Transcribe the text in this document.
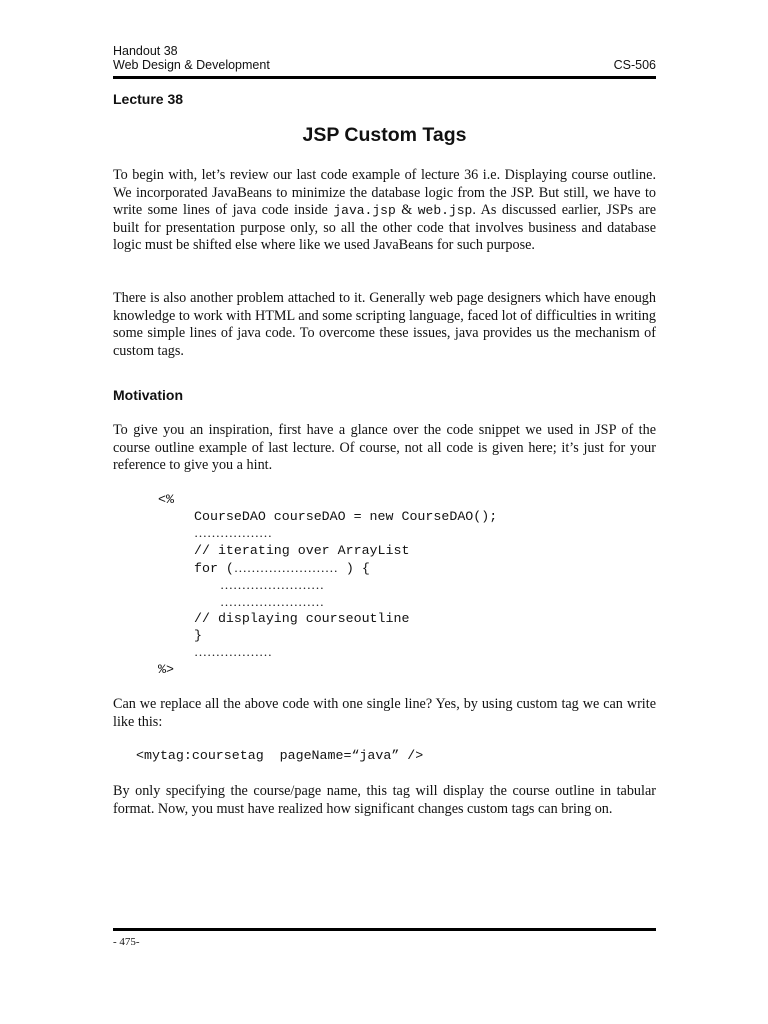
Handout 38
Web Design & Development	CS-506
Lecture 38
JSP Custom Tags

To begin with, let’s review our last code example of lecture 36 i.e. Displaying course outline. We incorporated JavaBeans to minimize the database logic from the JSP. But still, we have to write some lines of java code inside java.jsp & web.jsp. As discussed earlier, JSPs are built for presentation purpose only, so all the other code that involves business and database logic must be shifted else where like we used JavaBeans for such purpose.

There is also another problem attached to it. Generally web page designers which have enough knowledge to work with HTML and some scripting language, faced lot of difficulties in writing some simple lines of java code. To overcome these issues, java provides us the mechanism of custom tags.

Motivation

To give you an inspiration, first have a glance over the code snippet we used in JSP of the course outline example of last lecture. Of course, not all code is given here; it’s just for your reference to give you a hint.

<%
CourseDAO courseDAO = new CourseDAO();
………………
// iterating over ArrayList
for (…………………… ) {
……………………
……………………
// displaying courseoutline
}
………………
%>

Can we replace all the above code with one single line? Yes, by using custom tag we can write like this:

<mytag:coursetag  pageName=“java” />

By only specifying the course/page name, this tag will display the course outline in tabular format. Now, you must have realized how significant changes custom tags can bring on.

- 475-
